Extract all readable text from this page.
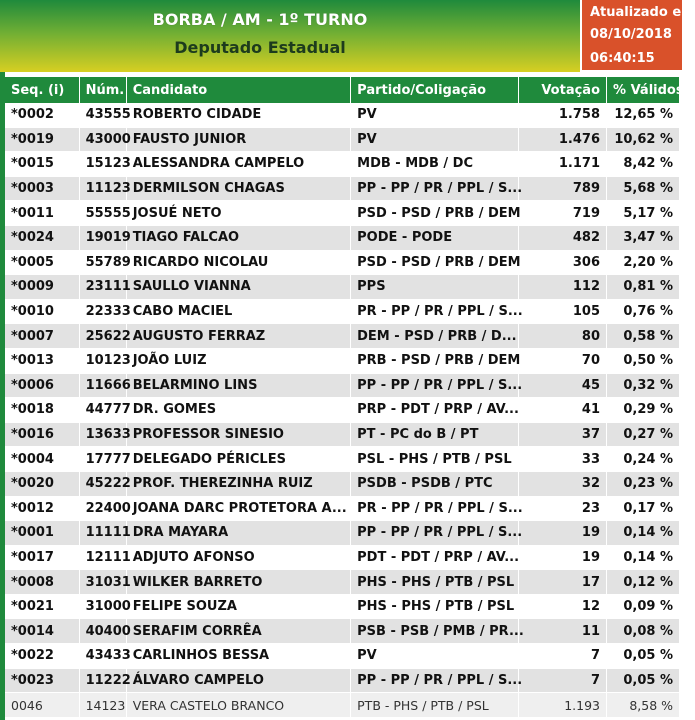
BORBA / AM - 1º TURNO
Deputado Estadual
Atualizado em
08/10/2018
06:40:15
Seq. (i)	Núm.	Candidato	Partido/Coligação	Votação	% Válidos
*0002	43555	ROBERTO CIDADE	PV	1.758	12,65 %
*0019	43000	FAUSTO JUNIOR	PV	1.476	10,62 %
*0015	15123	ALESSANDRA CAMPELO	MDB - MDB / DC	1.171	8,42 %
*0003	11123	DERMILSON CHAGAS	PP - PP / PR / PPL / S...	789	5,68 %
*0011	55555	JOSUÉ NETO	PSD - PSD / PRB / DEM	719	5,17 %
*0024	19019	TIAGO FALCAO	PODE - PODE	482	3,47 %
*0005	55789	RICARDO NICOLAU	PSD - PSD / PRB / DEM	306	2,20 %
*0009	23111	SAULLO VIANNA	PPS	112	0,81 %
*0010	22333	CABO MACIEL	PR - PP / PR / PPL / S...	105	0,76 %
*0007	25622	AUGUSTO FERRAZ	DEM - PSD / PRB / D...	80	0,58 %
*0013	10123	JOÃO LUIZ	PRB - PSD / PRB / DEM	70	0,50 %
*0006	11666	BELARMINO LINS	PP - PP / PR / PPL / S...	45	0,32 %
*0018	44777	DR. GOMES	PRP - PDT / PRP / AV...	41	0,29 %
*0016	13633	PROFESSOR SINESIO	PT - PC do B / PT	37	0,27 %
*0004	17777	DELEGADO PÉRICLES	PSL - PHS / PTB / PSL	33	0,24 %
*0020	45222	PROF. THEREZINHA RUIZ	PSDB - PSDB / PTC	32	0,23 %
*0012	22400	JOANA DARC PROTETORA A...	PR - PP / PR / PPL / S...	23	0,17 %
*0001	11111	DRA MAYARA	PP - PP / PR / PPL / S...	19	0,14 %
*0017	12111	ADJUTO AFONSO	PDT - PDT / PRP / AV...	19	0,14 %
*0008	31031	WILKER BARRETO	PHS - PHS / PTB / PSL	17	0,12 %
*0021	31000	FELIPE SOUZA	PHS - PHS / PTB / PSL	12	0,09 %
*0014	40400	SERAFIM CORRÊA	PSB - PSB / PMB / PR...	11	0,08 %
*0022	43433	CARLINHOS BESSA	PV	7	0,05 %
*0023	11222	ÁLVARO CAMPELO	PP - PP / PR / PPL / S...	7	0,05 %
0046	14123	VERA CASTELO BRANCO	PTB - PHS / PTB / PSL	1.193	8,58 %
